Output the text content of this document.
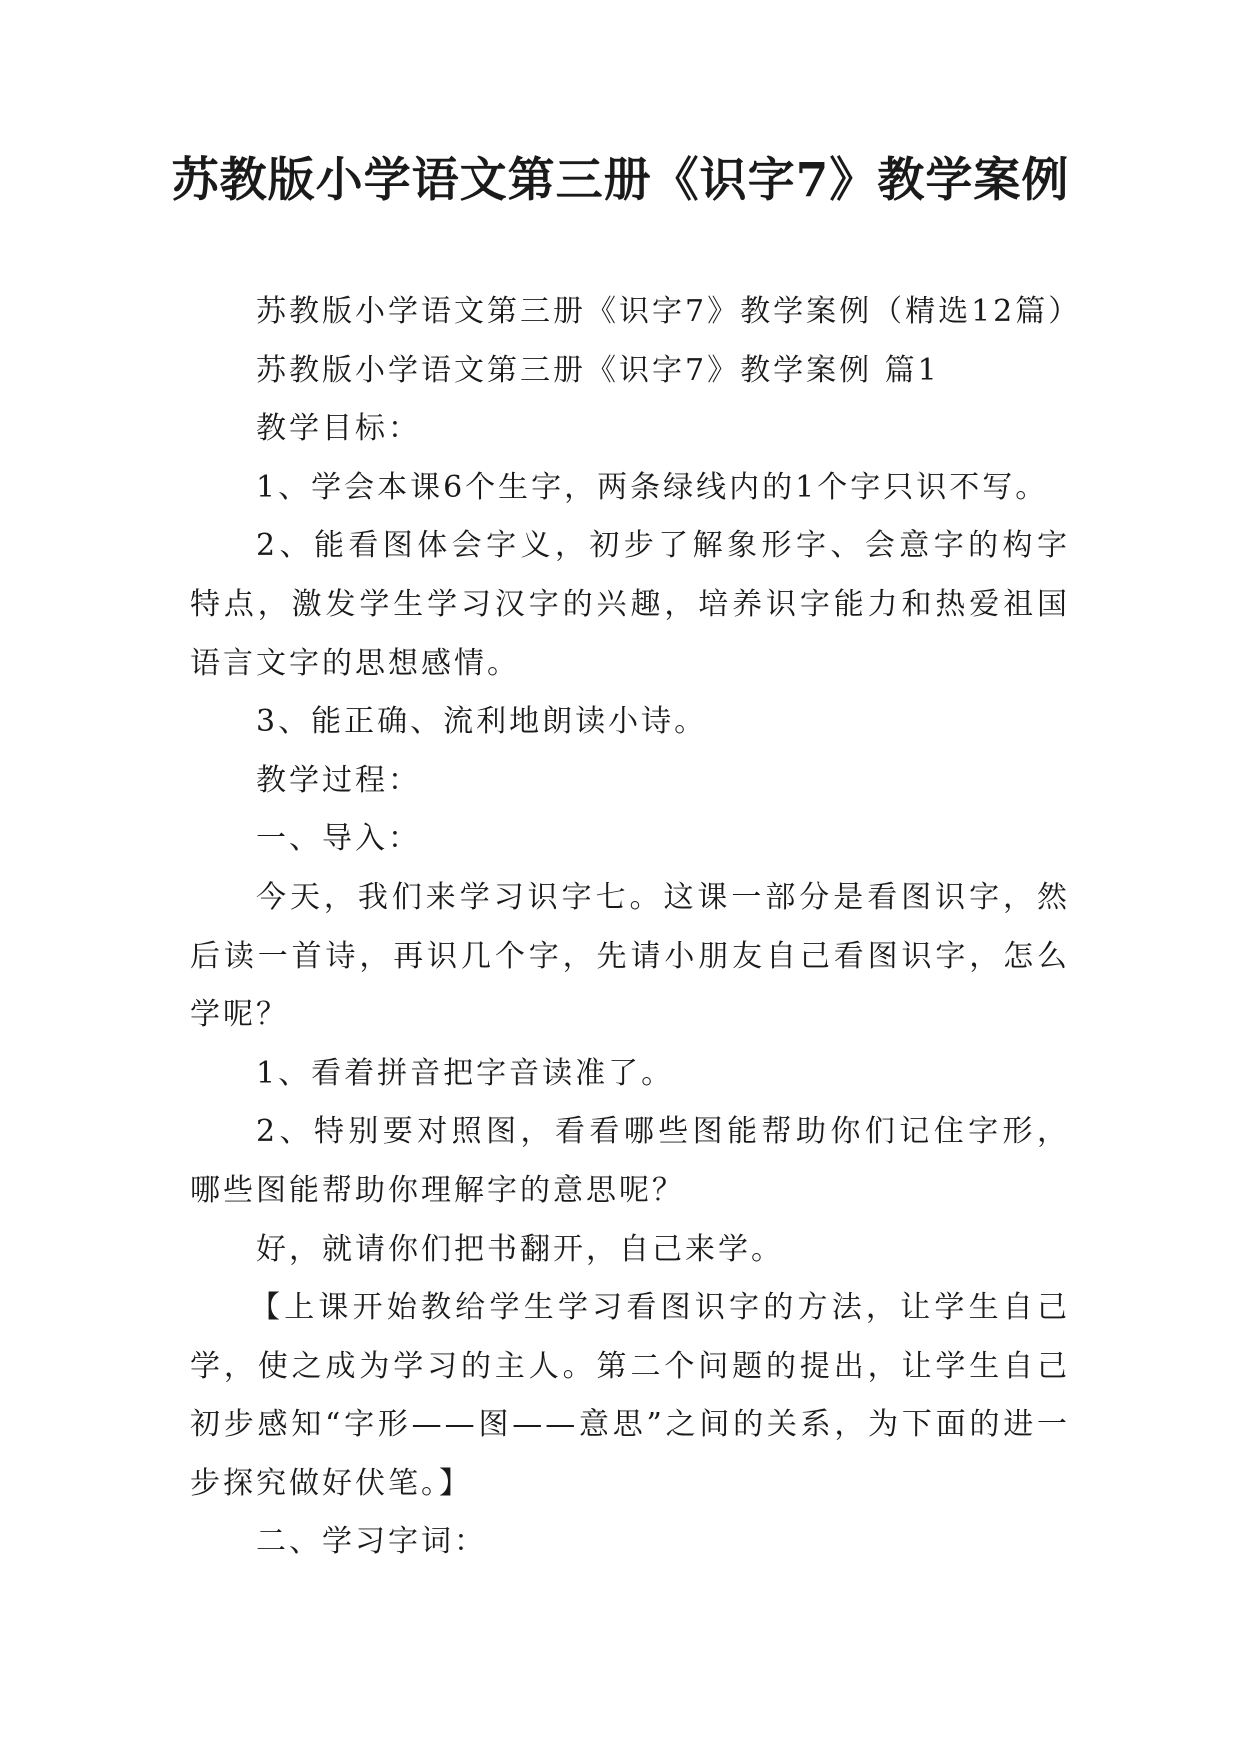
苏教版小学语文第三册《识字7》教学案例

苏教版小学语文第三册《识字7》教学案例（精选12篇）

苏教版小学语文第三册《识字7》教学案例 篇1

教学目标：

1、学会本课6个生字，两条绿线内的1个字只识不写。

2、能看图体会字义，初步了解象形字、会意字的构字特点，激发学生学习汉字的兴趣，培养识字能力和热爱祖国语言文字的思想感情。

3、能正确、流利地朗读小诗。

教学过程：

一、导入：

今天，我们来学习识字七。这课一部分是看图识字，然后读一首诗，再识几个字，先请小朋友自己看图识字，怎么学呢？

1、看着拼音把字音读准了。

2、特别要对照图，看看哪些图能帮助你们记住字形，哪些图能帮助你理解字的意思呢？

好，就请你们把书翻开，自己来学。

【上课开始教给学生学习看图识字的方法，让学生自己学，使之成为学习的主人。第二个问题的提出，让学生自己初步感知“字形——图——意思”之间的关系，为下面的进一步探究做好伏笔。】

二、学习字词：
